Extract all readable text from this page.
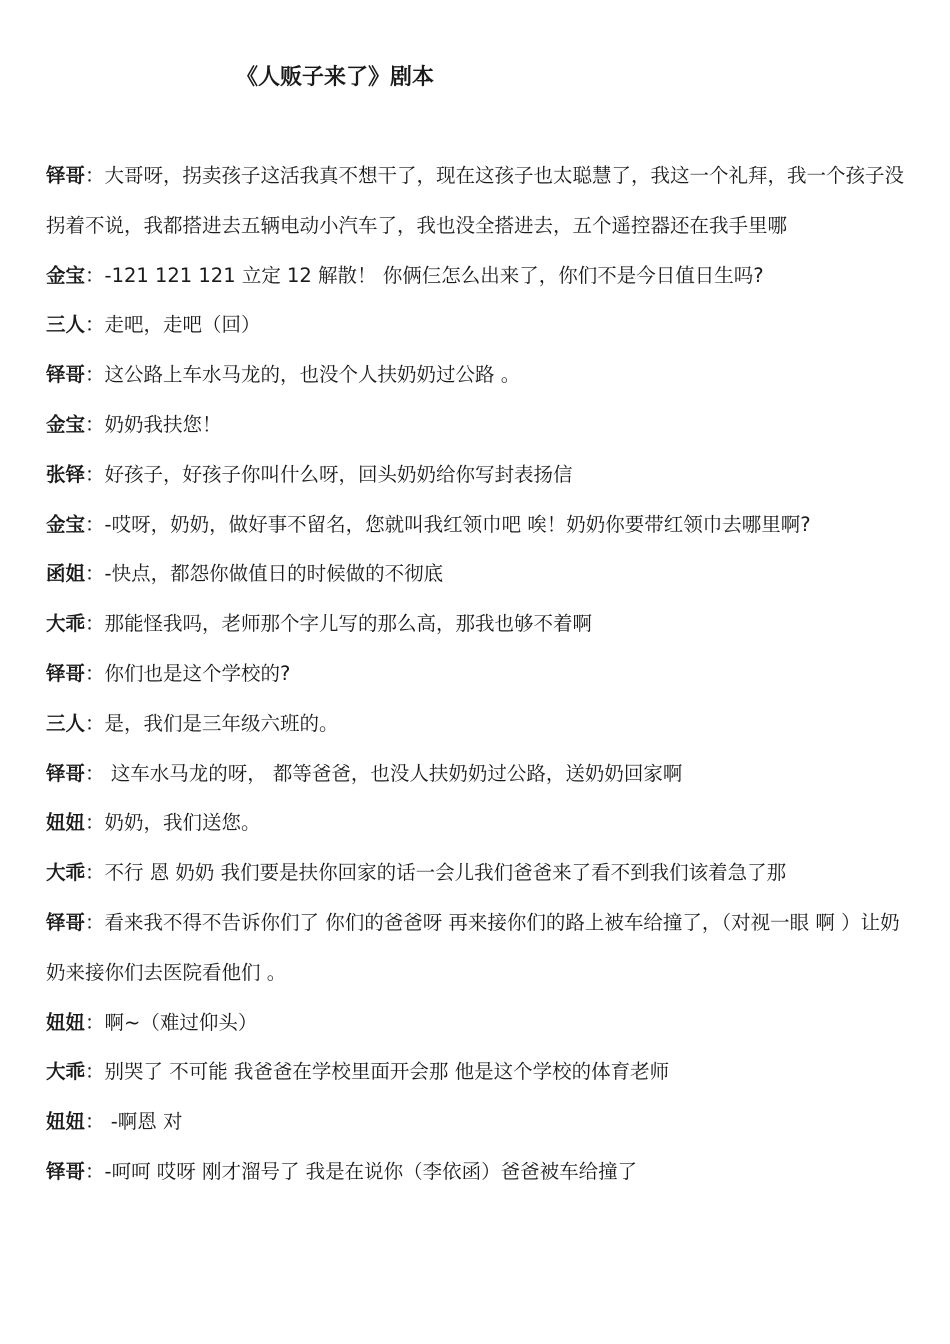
《人贩子来了》剧本

铎哥：大哥呀，拐卖孩子这活我真不想干了，现在这孩子也太聪慧了，我这一个礼拜，我一个孩子没拐着不说，我都搭进去五辆电动小汽车了，我也没全搭进去，五个遥控器还在我手里哪

金宝：-121 121 121 立定 12 解散！ 你俩仨怎么出来了，你们不是今日值日生吗?

三人：走吧，走吧（回）

铎哥：这公路上车水马龙的，也没个人扶奶奶过公路 。

金宝：奶奶我扶您！

张铎：好孩子，好孩子你叫什么呀，回头奶奶给你写封表扬信

金宝：-哎呀，奶奶，做好事不留名，您就叫我红领巾吧 唉！奶奶你要带红领巾去哪里啊?

函姐：-快点，都怨你做值日的时候做的不彻底

大乖：那能怪我吗，老师那个字儿写的那么高，那我也够不着啊

铎哥：你们也是这个学校的?

三人：是，我们是三年级六班的。

铎哥： 这车水马龙的呀， 都等爸爸，也没人扶奶奶过公路，送奶奶回家啊

妞妞：奶奶，我们送您。

大乖：不行 恩 奶奶 我们要是扶你回家的话一会儿我们爸爸来了看不到我们该着急了那

铎哥：看来我不得不告诉你们了 你们的爸爸呀 再来接你们的路上被车给撞了，（对视一眼 啊 ）让奶奶来接你们去医院看他们 。

妞妞：啊~（难过仰头）

大乖：别哭了 不可能 我爸爸在学校里面开会那 他是这个学校的体育老师

妞妞： -啊恩 对

铎哥：-呵呵 哎呀 刚才溜号了 我是在说你（李依函）爸爸被车给撞了
